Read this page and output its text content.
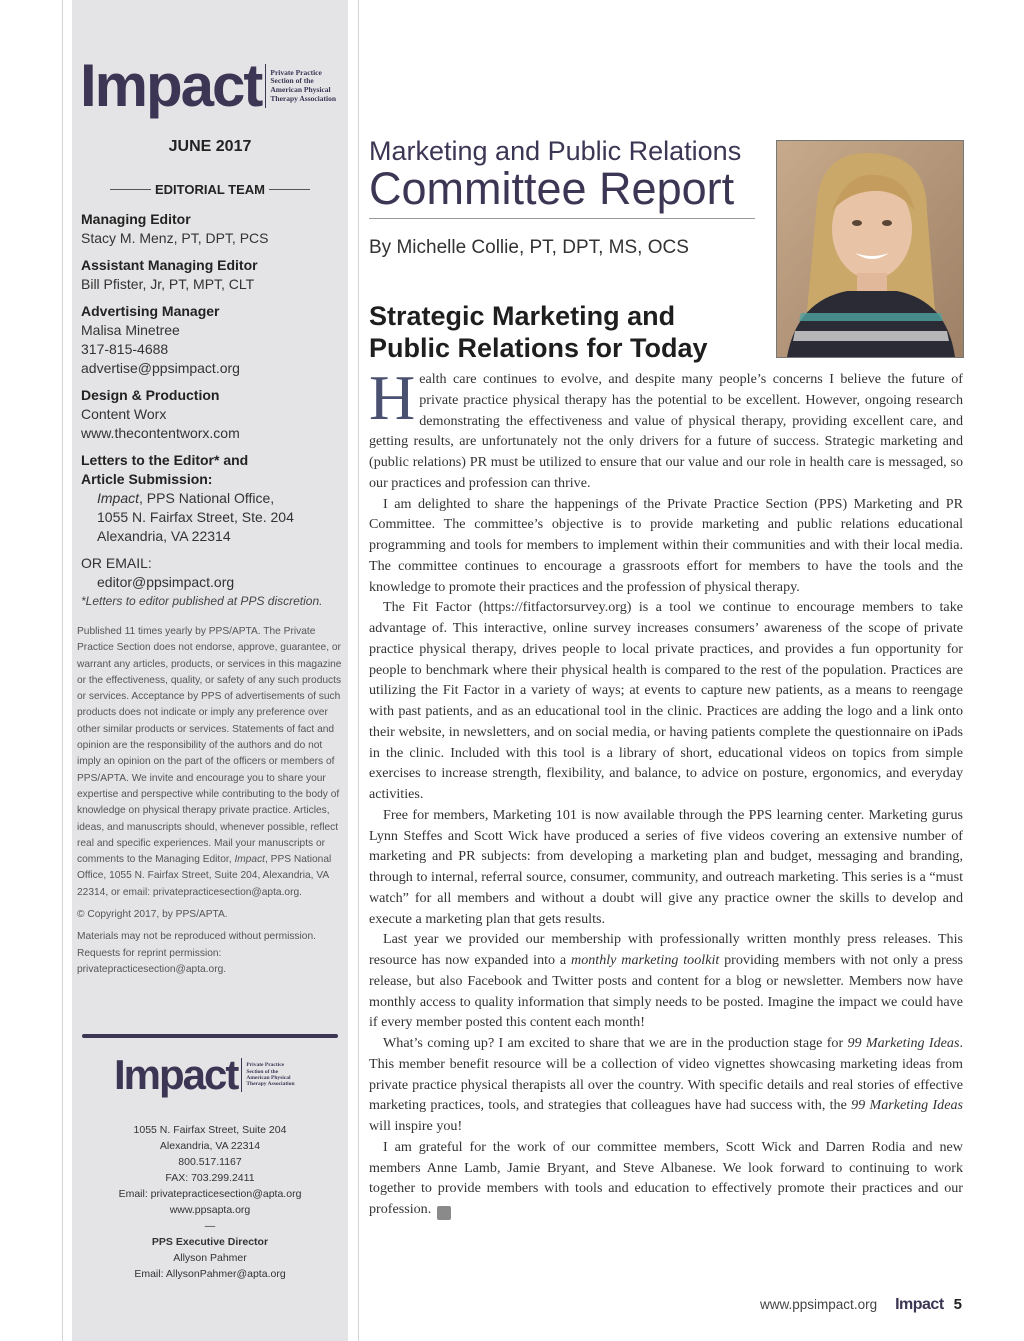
Impact Private Practice
Section of the
American Physical
Therapy Association
JUNE 2017
EDITORIAL TEAM
Managing Editor
Stacy M. Menz, PT, DPT, PCS
Assistant Managing Editor
Bill Pfister, Jr, PT, MPT, CLT
Advertising Manager
Malisa Minetree
317-815-4688
advertise@ppsimpact.org
Design & Production
Content Worx
www.thecontentworx.com
Letters to the Editor* and
Article Submission:
Impact, PPS National Office,
1055 N. Fairfax Street, Ste. 204
Alexandria, VA 22314
OR EMAIL:
editor@ppsimpact.org
*Letters to editor published at PPS discretion.

Published 11 times yearly by PPS/APTA. The Private Practice Section does not endorse, approve, guarantee, or warrant any articles, products, or services in this magazine or the effectiveness, quality, or safety of any such products or services. Acceptance by PPS of advertisements of such products does not indicate or imply any preference over other similar products or services. Statements of fact and opinion are the responsibility of the authors and do not imply an opinion on the part of the officers or members of PPS/APTA. We invite and encourage you to share your expertise and perspective while contributing to the body of knowledge on physical therapy private practice. Articles, ideas, and manuscripts should, whenever possible, reflect real and specific experiences. Mail your manuscripts or comments to the Managing Editor, Impact, PPS National Office, 1055 N. Fairfax Street, Suite 204, Alexandria, VA 22314, or email: privatepracticesection@apta.org.

© Copyright 2017, by PPS/APTA.

Materials may not be reproduced without permission. Requests for reprint permission: privatepracticesection@apta.org.

Impact Private Practice
Section of the
American Physical
Therapy Association
1055 N. Fairfax Street, Suite 204
Alexandria, VA 22314
800.517.1167
FAX: 703.299.2411
Email: privatepracticesection@apta.org
www.ppsapta.org
—
PPS Executive Director
Allyson Pahmer
Email: AllysonPahmer@apta.org
Marketing and Public Relations
Committee Report
By Michelle Collie, PT, DPT, MS, OCS
Strategic Marketing and
Public Relations for Today

Health care continues to evolve, and despite many people’s concerns I believe the future of private practice physical therapy has the potential to be excellent. However, ongoing research demonstrating the effectiveness and value of physical therapy, providing excellent care, and getting results, are unfortunately not the only drivers for a future of success. Strategic marketing and (public relations) PR must be utilized to ensure that our value and our role in health care is messaged, so our practices and profession can thrive.

I am delighted to share the happenings of the Private Practice Section (PPS) Marketing and PR Committee. The committee’s objective is to provide marketing and public relations educational programming and tools for members to implement within their communities and with their local media. The committee continues to encourage a grassroots effort for members to have the tools and the knowledge to promote their practices and the profession of physical therapy.

The Fit Factor (https://fitfactorsurvey.org) is a tool we continue to encourage members to take advantage of. This interactive, online survey increases consumers’ awareness of the scope of private practice physical therapy, drives people to local private practices, and provides a fun opportunity for people to benchmark where their physical health is compared to the rest of the population. Practices are utilizing the Fit Factor in a variety of ways; at events to capture new patients, as a means to reengage with past patients, and as an educational tool in the clinic. Practices are adding the logo and a link onto their website, in newsletters, and on social media, or having patients complete the questionnaire on iPads in the clinic. Included with this tool is a library of short, educational videos on topics from simple exercises to increase strength, flexibility, and balance, to advice on posture, ergonomics, and everyday activities.

Free for members, Marketing 101 is now available through the PPS learning center. Marketing gurus Lynn Steffes and Scott Wick have produced a series of five videos covering an extensive number of marketing and PR subjects: from developing a marketing plan and budget, messaging and branding, through to internal, referral source, consumer, community, and outreach marketing. This series is a “must watch” for all members and without a doubt will give any practice owner the skills to develop and execute a marketing plan that gets results.

Last year we provided our membership with professionally written monthly press releases. This resource has now expanded into a monthly marketing toolkit providing members with not only a press release, but also Facebook and Twitter posts and content for a blog or newsletter. Members now have monthly access to quality information that simply needs to be posted. Imagine the impact we could have if every member posted this content each month!

What’s coming up? I am excited to share that we are in the production stage for 99 Marketing Ideas. This member benefit resource will be a collection of video vignettes showcasing marketing ideas from private practice physical therapists all over the country. With specific details and real stories of effective marketing practices, tools, and strategies that colleagues have had success with, the 99 Marketing Ideas will inspire you!

I am grateful for the work of our committee members, Scott Wick and Darren Rodia and new members Anne Lamb, Jamie Bryant, and Steve Albanese. We look forward to continuing to work together to provide members with tools and education to effectively promote their practices and our profession. I

www.ppsimpact.org Impact 5
